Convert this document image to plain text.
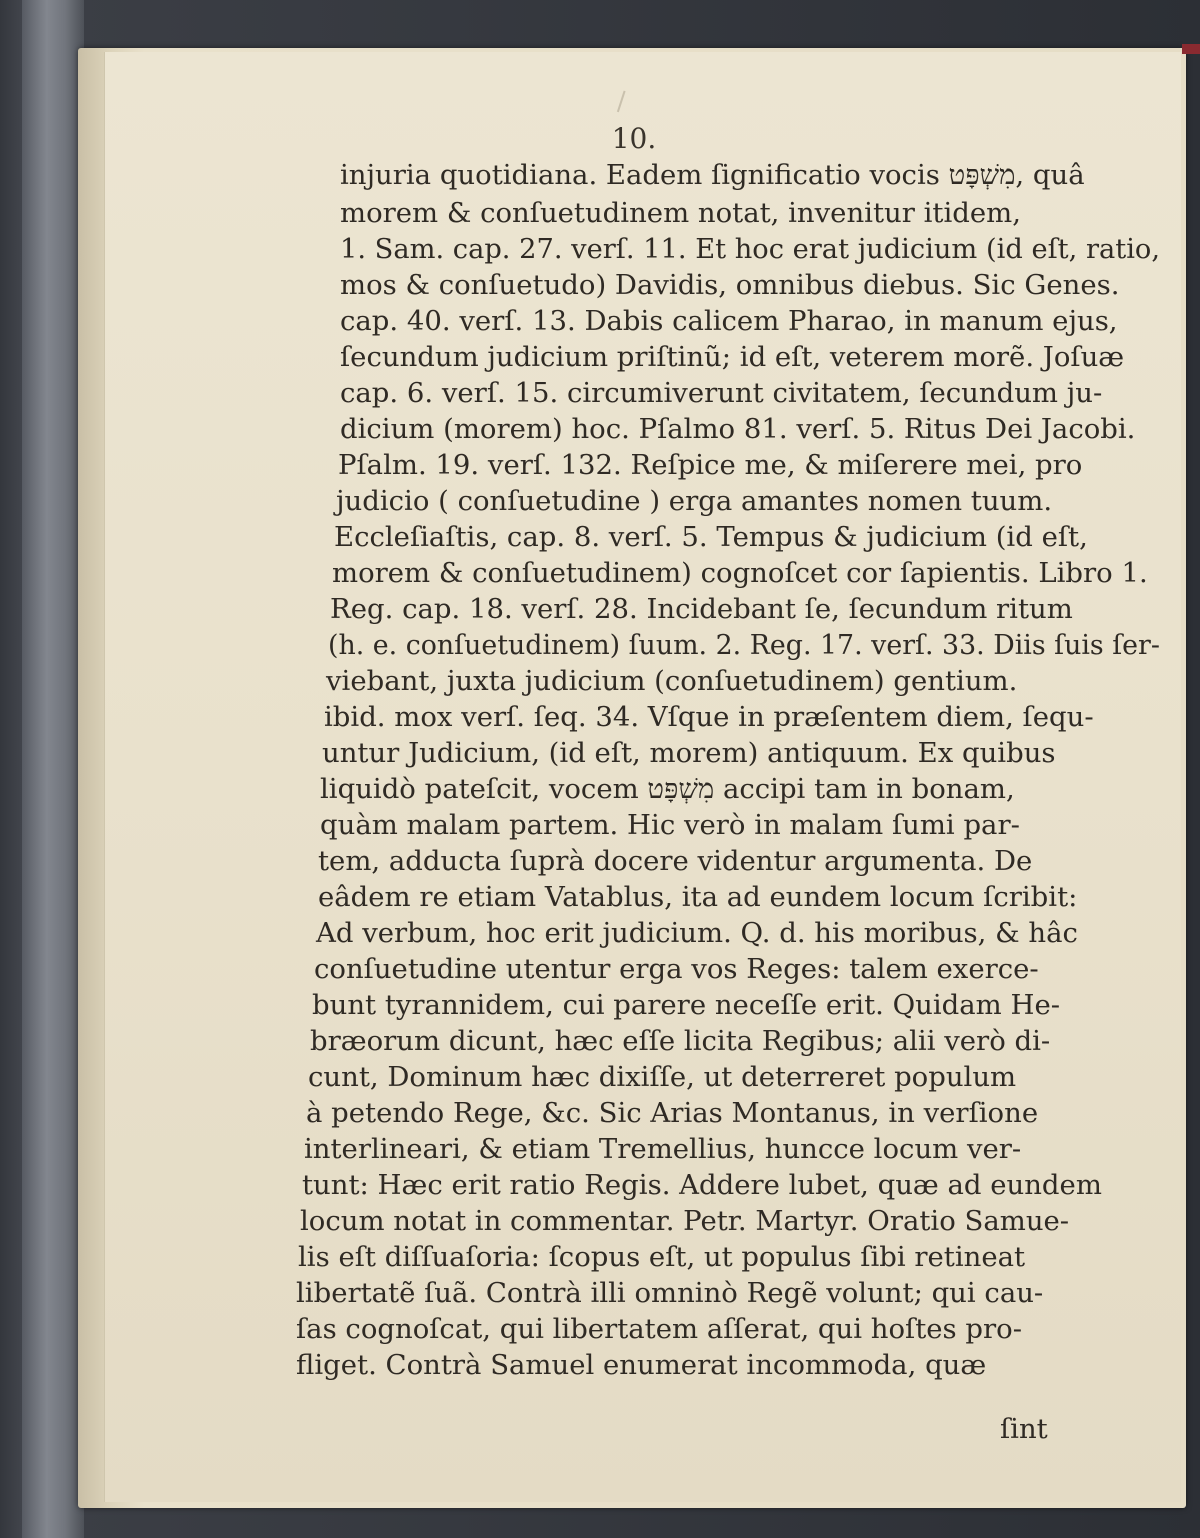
10.
injuria quotidiana. Eadem ſignificatio vocis מִשְׁפָּט, quâ
morem & conſuetudinem notat, invenitur itidem,
1. Sam. cap. 27. verſ. 11. Et hoc erat judicium (id eſt, ratio,
mos & conſuetudo) Davidis, omnibus diebus. Sic Genes.
cap. 40. verſ. 13. Dabis calicem Pharao, in manum ejus,
ſecundum judicium priſtinũ; id eſt, veterem morẽ. Joſuæ
cap. 6. verſ. 15. circumiverunt civitatem, ſecundum ju-
dicium (morem) hoc. Pſalmo 81. verſ. 5. Ritus Dei Jacobi.
Pſalm. 19. verſ. 132. Reſpice me, & miſerere mei, pro
judicio ( conſuetudine ) erga amantes nomen tuum.
Eccleſiaſtis, cap. 8. verſ. 5. Tempus & judicium (id eſt,
morem & conſuetudinem) cognoſcet cor ſapientis. Libro 1.
Reg. cap. 18. verſ. 28. Incidebant ſe, ſecundum ritum
(h. e. conſuetudinem) ſuum. 2. Reg. 17. verſ. 33. Diis ſuis ſer-
viebant, juxta judicium (conſuetudinem) gentium.
ibid. mox verſ. ſeq. 34. Vſque in præſentem diem, ſequ-
untur Judicium, (id eſt, morem) antiquum. Ex quibus
liquidò pateſcit, vocem מִשְׁפָּט accipi tam in bonam,
quàm malam partem. Hic verò in malam ſumi par-
tem, adducta ſuprà docere videntur argumenta. De
eâdem re etiam Vatablus, ita ad eundem locum ſcribit:
Ad verbum, hoc erit judicium. Q. d. his moribus, & hâc
conſuetudine utentur erga vos Reges: talem exerce-
bunt tyrannidem, cui parere neceſſe erit. Quidam He-
bræorum dicunt, hæc eſſe licita Regibus; alii verò di-
cunt, Dominum hæc dixiſſe, ut deterreret populum
à petendo Rege, &c. Sic Arias Montanus, in verſione
interlineari, & etiam Tremellius, huncce locum ver-
tunt: Hæc erit ratio Regis. Addere lubet, quæ ad eundem
locum notat in commentar. Petr. Martyr. Oratio Samue-
lis eſt diſſuaſoria: ſcopus eſt, ut populus ſibi retineat
libertatẽ ſuã. Contrà illi omninò Regẽ volunt; qui cau-
ſas cognoſcat, qui libertatem aſſerat, qui hoſtes pro-
fliget. Contrà Samuel enumerat incommoda, quæ
ſint
